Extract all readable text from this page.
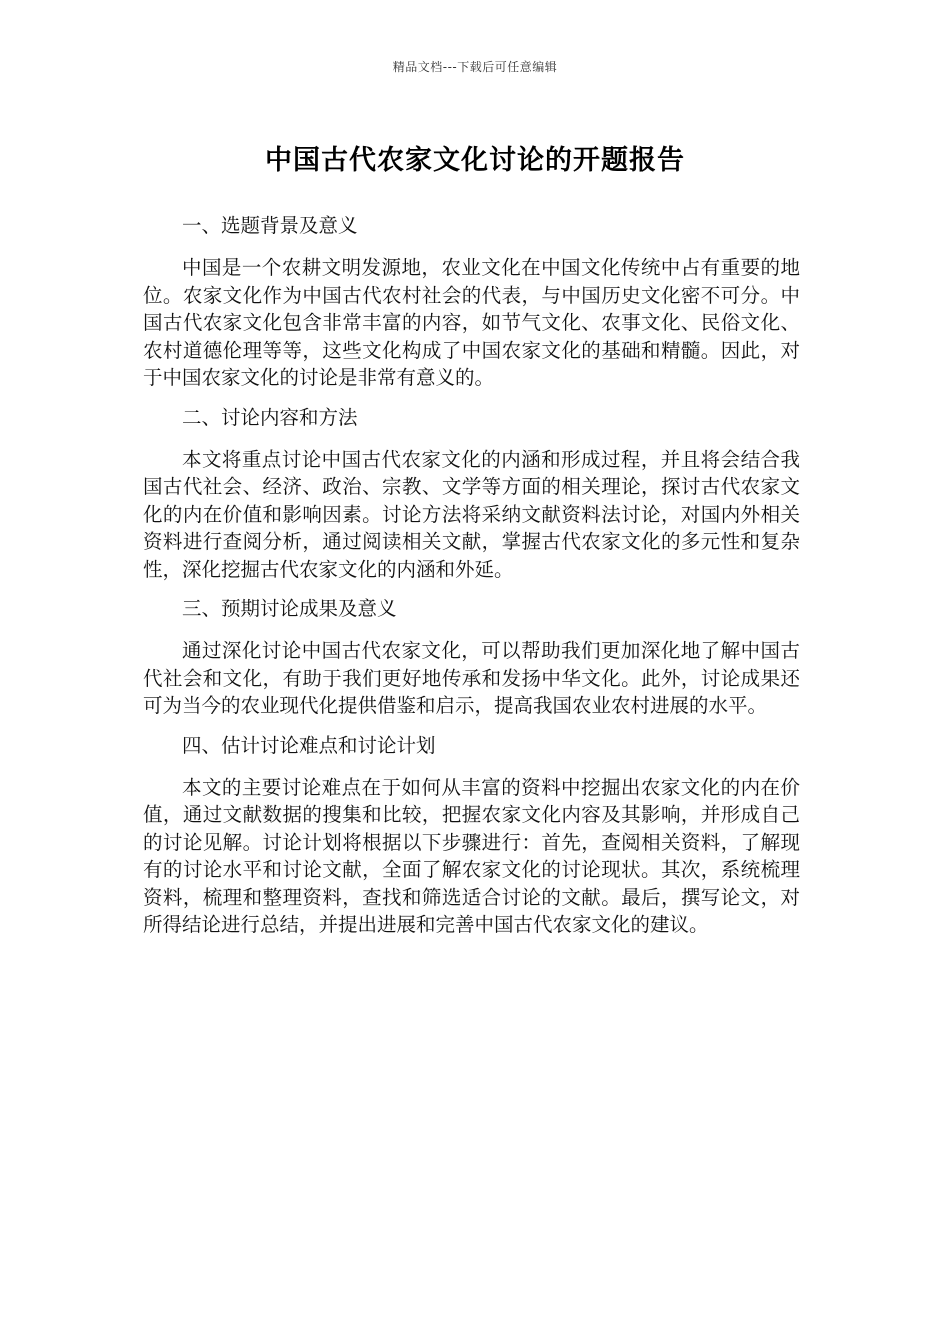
精品文档---下载后可任意编辑
中国古代农家文化讨论的开题报告

一、选题背景及意义

中国是一个农耕文明发源地，农业文化在中国文化传统中占有重要的地位。农家文化作为中国古代农村社会的代表，与中国历史文化密不可分。中国古代农家文化包含非常丰富的内容，如节气文化、农事文化、民俗文化、农村道德伦理等等，这些文化构成了中国农家文化的基础和精髓。因此，对于中国农家文化的讨论是非常有意义的。

二、讨论内容和方法

本文将重点讨论中国古代农家文化的内涵和形成过程，并且将会结合我国古代社会、经济、政治、宗教、文学等方面的相关理论，探讨古代农家文化的内在价值和影响因素。讨论方法将采纳文献资料法讨论，对国内外相关资料进行查阅分析，通过阅读相关文献，掌握古代农家文化的多元性和复杂性，深化挖掘古代农家文化的内涵和外延。

三、预期讨论成果及意义

通过深化讨论中国古代农家文化，可以帮助我们更加深化地了解中国古代社会和文化，有助于我们更好地传承和发扬中华文化。此外，讨论成果还可为当今的农业现代化提供借鉴和启示，提高我国农业农村进展的水平。

四、估计讨论难点和讨论计划

本文的主要讨论难点在于如何从丰富的资料中挖掘出农家文化的内在价值，通过文献数据的搜集和比较，把握农家文化内容及其影响，并形成自己的讨论见解。讨论计划将根据以下步骤进行：首先，查阅相关资料，了解现有的讨论水平和讨论文献，全面了解农家文化的讨论现状。其次，系统梳理资料，梳理和整理资料，查找和筛选适合讨论的文献。最后，撰写论文，对所得结论进行总结，并提出进展和完善中国古代农家文化的建议。
